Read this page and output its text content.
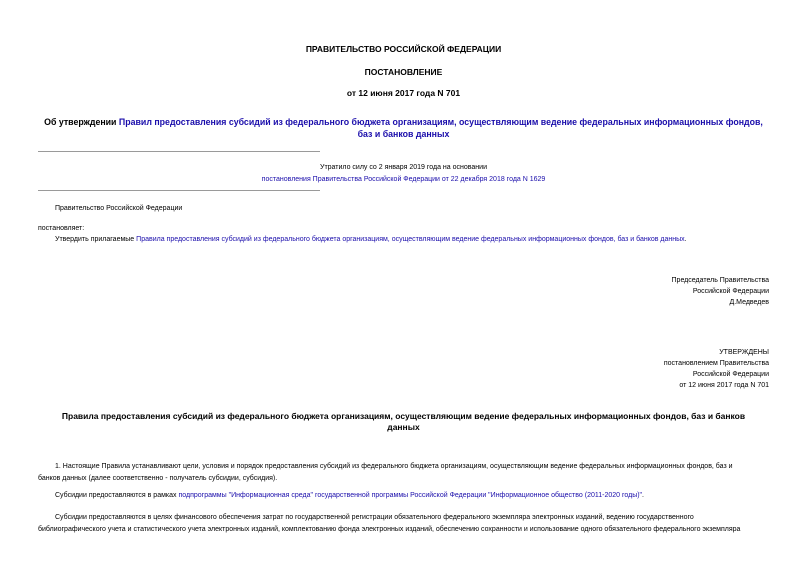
ПРАВИТЕЛЬСТВО РОССИЙСКОЙ ФЕДЕРАЦИИ
ПОСТАНОВЛЕНИЕ
от 12 июня 2017 года N 701
Об утверждении Правил предоставления субсидий из федерального бюджета организациям, осуществляющим ведение федеральных информационных фондов,
баз и банков данных
Утратило силу со 2 января 2019 года на основании
постановления Правительства Российской Федерации от 22 декабря 2018 года N 1629
Правительство Российской Федерации
постановляет:
Утвердить прилагаемые Правила предоставления субсидий из федерального бюджета организациям, осуществляющим ведение федеральных информационных фондов, баз и банков данных.
Председатель Правительства
Российской Федерации
Д.Медведев
УТВЕРЖДЕНЫ
постановлением Правительства
Российской Федерации
от 12 июня 2017 года N 701
Правила предоставления субсидий из федерального бюджета организациям, осуществляющим ведение федеральных информационных фондов, баз и банков
данных
1. Настоящие Правила устанавливают цели, условия и порядок предоставления субсидий из федерального бюджета организациям, осуществляющим ведение федеральных информационных фондов, баз и
банков данных (далее соответственно - получатель субсидии, субсидия).
Субсидии предоставляются в рамках подпрограммы "Информационная среда" государственной программы Российской Федерации "Информационное общество (2011-2020 годы)".
Субсидии предоставляются в целях финансового обеспечения затрат по государственной регистрации обязательного федерального экземпляра электронных изданий, ведению государственного
библиографического учета и статистического учета электронных изданий, комплектованию фонда электронных изданий, обеспечению сохранности и использование одного обязательного федерального экземпляра
